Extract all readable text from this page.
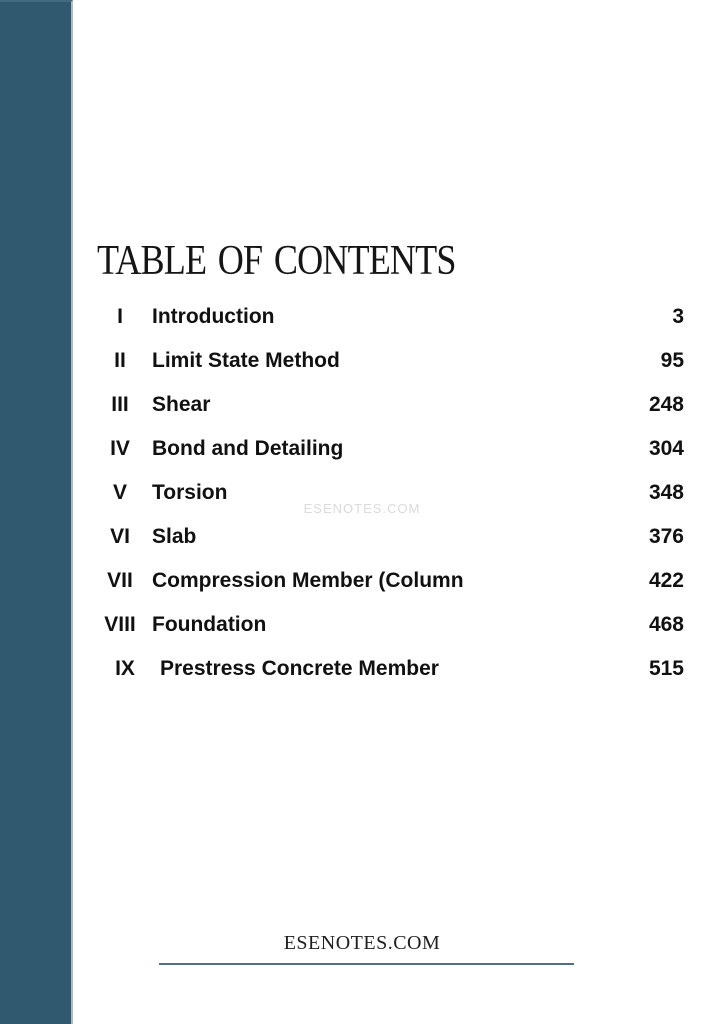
TABLE OF CONTENTS
I	Introduction	3
II	Limit State Method	95
III	Shear	248
IV	Bond and Detailing	304
V	Torsion	348
VI	Slab	376
VII Compression Member (Column	422
VIII Foundation	468
IX	Prestress Concrete Member	515
ESENOTES.COM
ESENOTES.COM
